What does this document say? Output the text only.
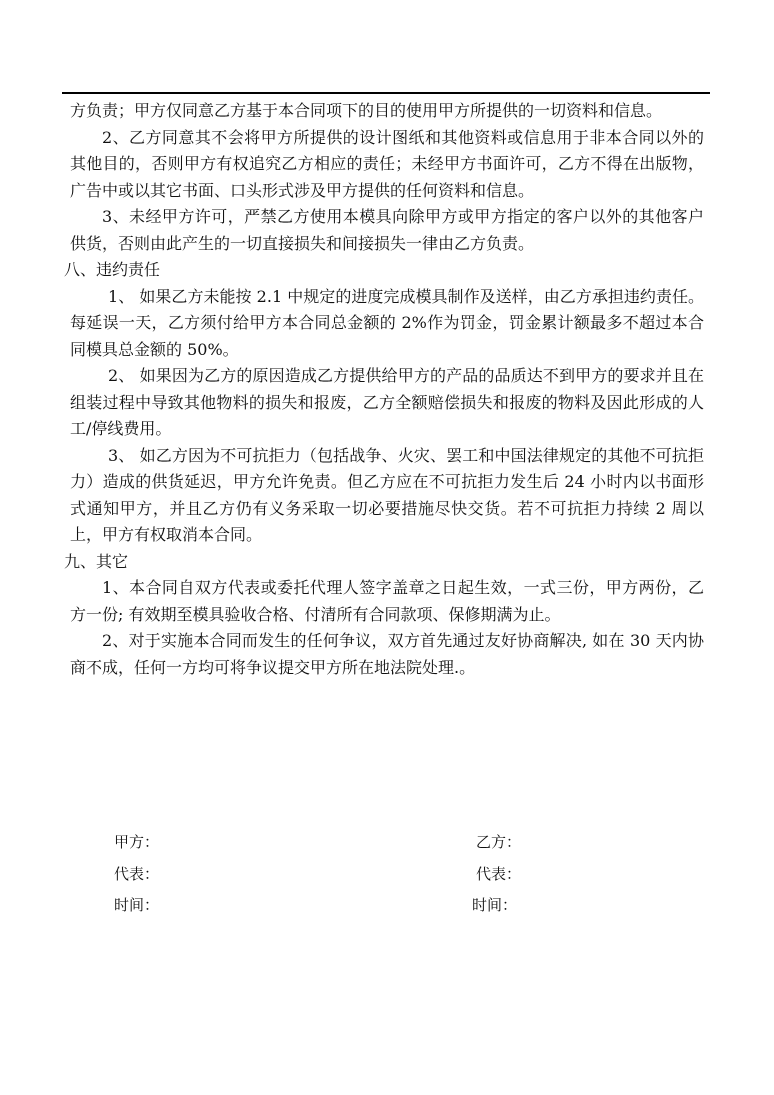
方负责；甲方仅同意乙方基于本合同项下的目的使用甲方所提供的一切资料和信息。

2、乙方同意其不会将甲方所提供的设计图纸和其他资料或信息用于非本合同以外的其他目的，否则甲方有权追究乙方相应的责任；未经甲方书面许可，乙方不得在出版物，广告中或以其它书面、口头形式涉及甲方提供的任何资料和信息。

3、未经甲方许可，严禁乙方使用本模具向除甲方或甲方指定的客户以外的其他客户供货，否则由此产生的一切直接损失和间接损失一律由乙方负责。

八、违约责任

1、 如果乙方未能按 2.1 中规定的进度完成模具制作及送样，由乙方承担违约责任。每延误一天，乙方须付给甲方本合同总金额的 2%作为罚金，罚金累计额最多不超过本合同模具总金额的 50%。

2、 如果因为乙方的原因造成乙方提供给甲方的产品的品质达不到甲方的要求并且在组装过程中导致其他物料的损失和报废，乙方全额赔偿损失和报废的物料及因此形成的人工/停线费用。

3、 如乙方因为不可抗拒力（包括战争、火灾、罢工和中国法律规定的其他不可抗拒力）造成的供货延迟，甲方允许免责。但乙方应在不可抗拒力发生后 24 小时内以书面形式通知甲方，并且乙方仍有义务采取一切必要措施尽快交货。若不可抗拒力持续 2 周以上，甲方有权取消本合同。

九、其它

1、本合同自双方代表或委托代理人签字盖章之日起生效，一式三份，甲方两份，乙方一份; 有效期至模具验收合格、付清所有合同款项、保修期满为止。

2、对于实施本合同而发生的任何争议，双方首先通过友好协商解决, 如在 30 天内协商不成，任何一方均可将争议提交甲方所在地法院处理.。

甲方：
代表：
时间：
乙方：
代表：
时间：
